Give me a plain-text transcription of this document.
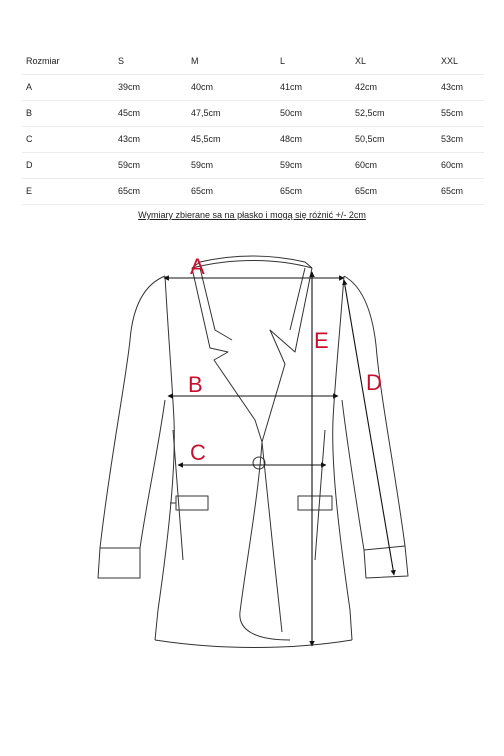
Rozmiar	S	M	L	XL	XXL
A	39cm	40cm	41cm	42cm	43cm
B	45cm	47,5cm	50cm	52,5cm	55cm
C	43cm	45,5cm	48cm	50,5cm	53cm
D	59cm	59cm	59cm	60cm	60cm
E	65cm	65cm	65cm	65cm	65cm
Wymiary zbierane sa na płasko i mogą się różnić +/- 2cm
A
B
C
D
E
